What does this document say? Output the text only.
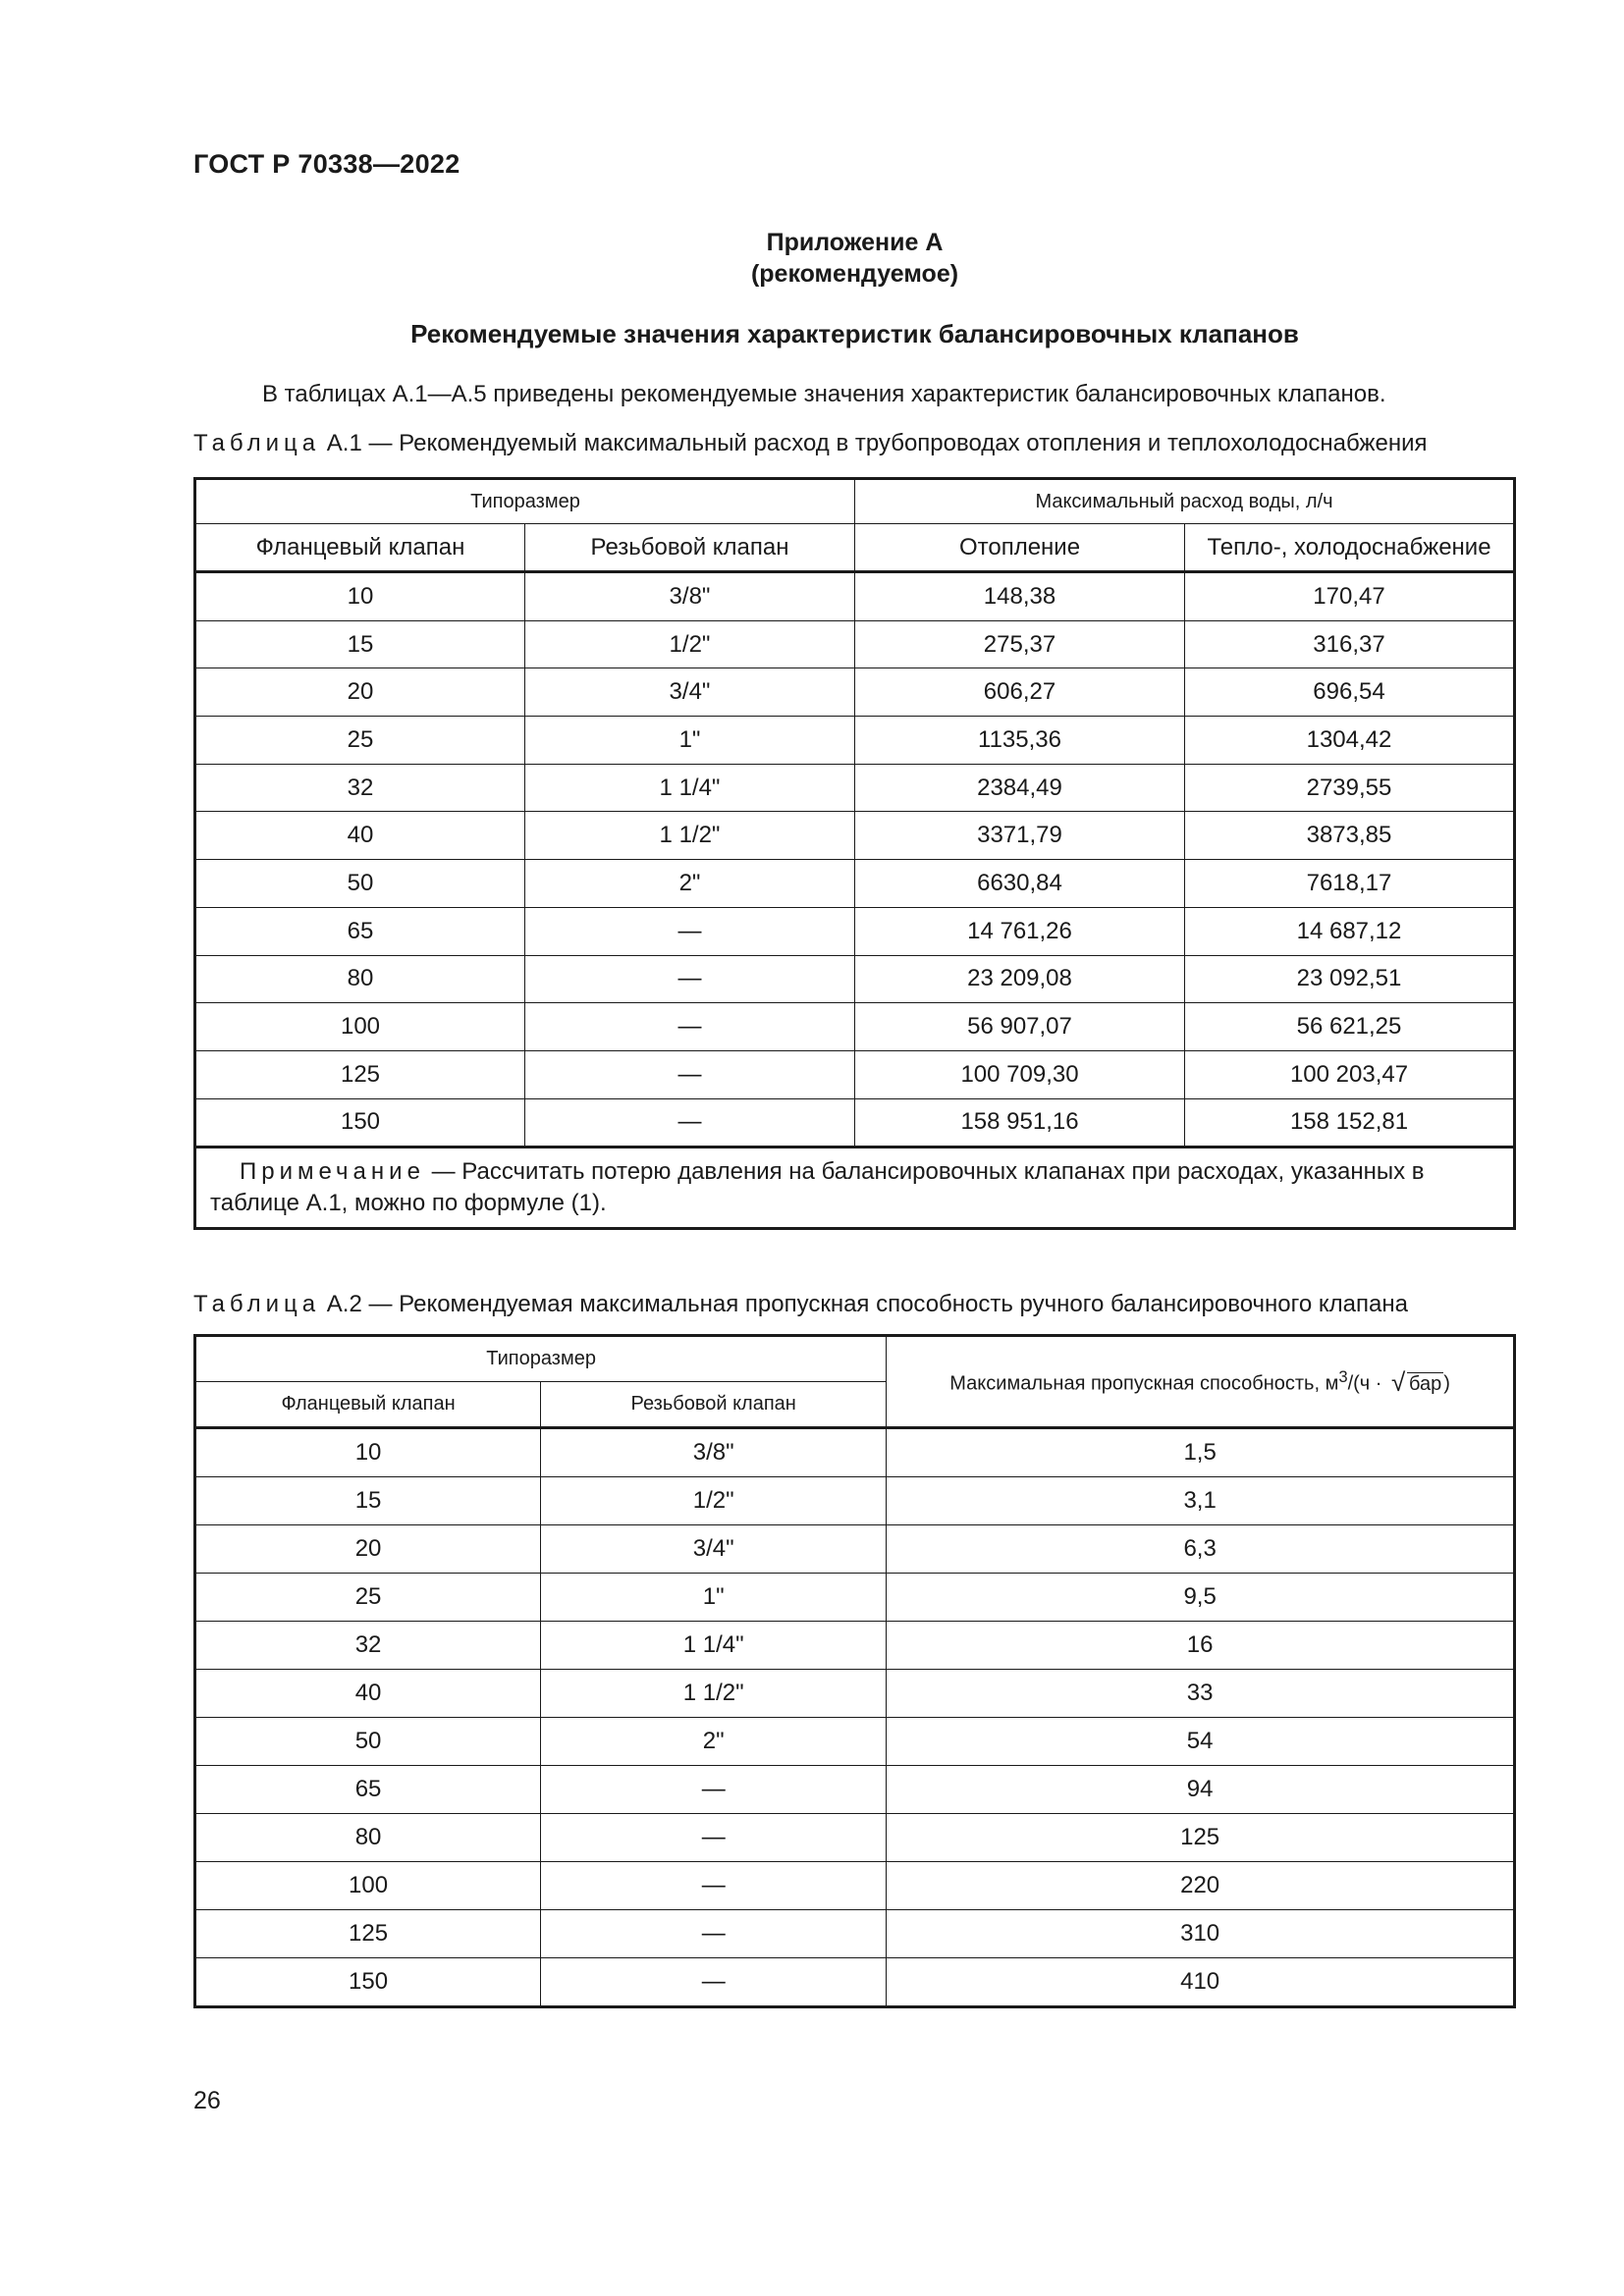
ГОСТ Р 70338—2022
Приложение А
(рекомендуемое)
Рекомендуемые значения характеристик балансировочных клапанов
В таблицах А.1—А.5 приведены рекомендуемые значения характеристик балансировочных клапанов.
Таблица А.1 — Рекомендуемый максимальный расход в трубопроводах отопления и теплохолодоснабжения
Типоразмер		Максимальный расход воды, л/ч	
Фланцевый клапан	Резьбовой клапан	Отопление	Тепло-, холодоснабжение
10	3/8"	148,38	170,47
15	1/2"	275,37	316,37
20	3/4"	606,27	696,54
25	1"	1135,36	1304,42
32	1 1/4"	2384,49	2739,55
40	1 1/2"	3371,79	3873,85
50	2"	6630,84	7618,17
65	—	14 761,26	14 687,12
80	—	23 209,08	23 092,51
100	—	56 907,07	56 621,25
125	—	100 709,30	100 203,47
150	—	158 951,16	158 152,81
Примечание — Рассчитать потерю давления на балансировочных клапанах при расходах, указанных в таблице А.1, можно по формуле (1).			
Таблица А.2 — Рекомендуемая максимальная пропускная способность ручного балансировочного клапана
Типоразмер		Максимальная пропускная способность, $м^3/(ч$ · √ бар )
Фланцевый клапан	Резьбовой клапан	
10	3/8"	1,5
15	1/2"	3,1
20	3/4"	6,3
25	1"	9,5
32	1 1/4"	16
40	1 1/2"	33
50	2"	54
65	—	94
80	—	125
100	—	220
125	—	310
150	—	410
26
